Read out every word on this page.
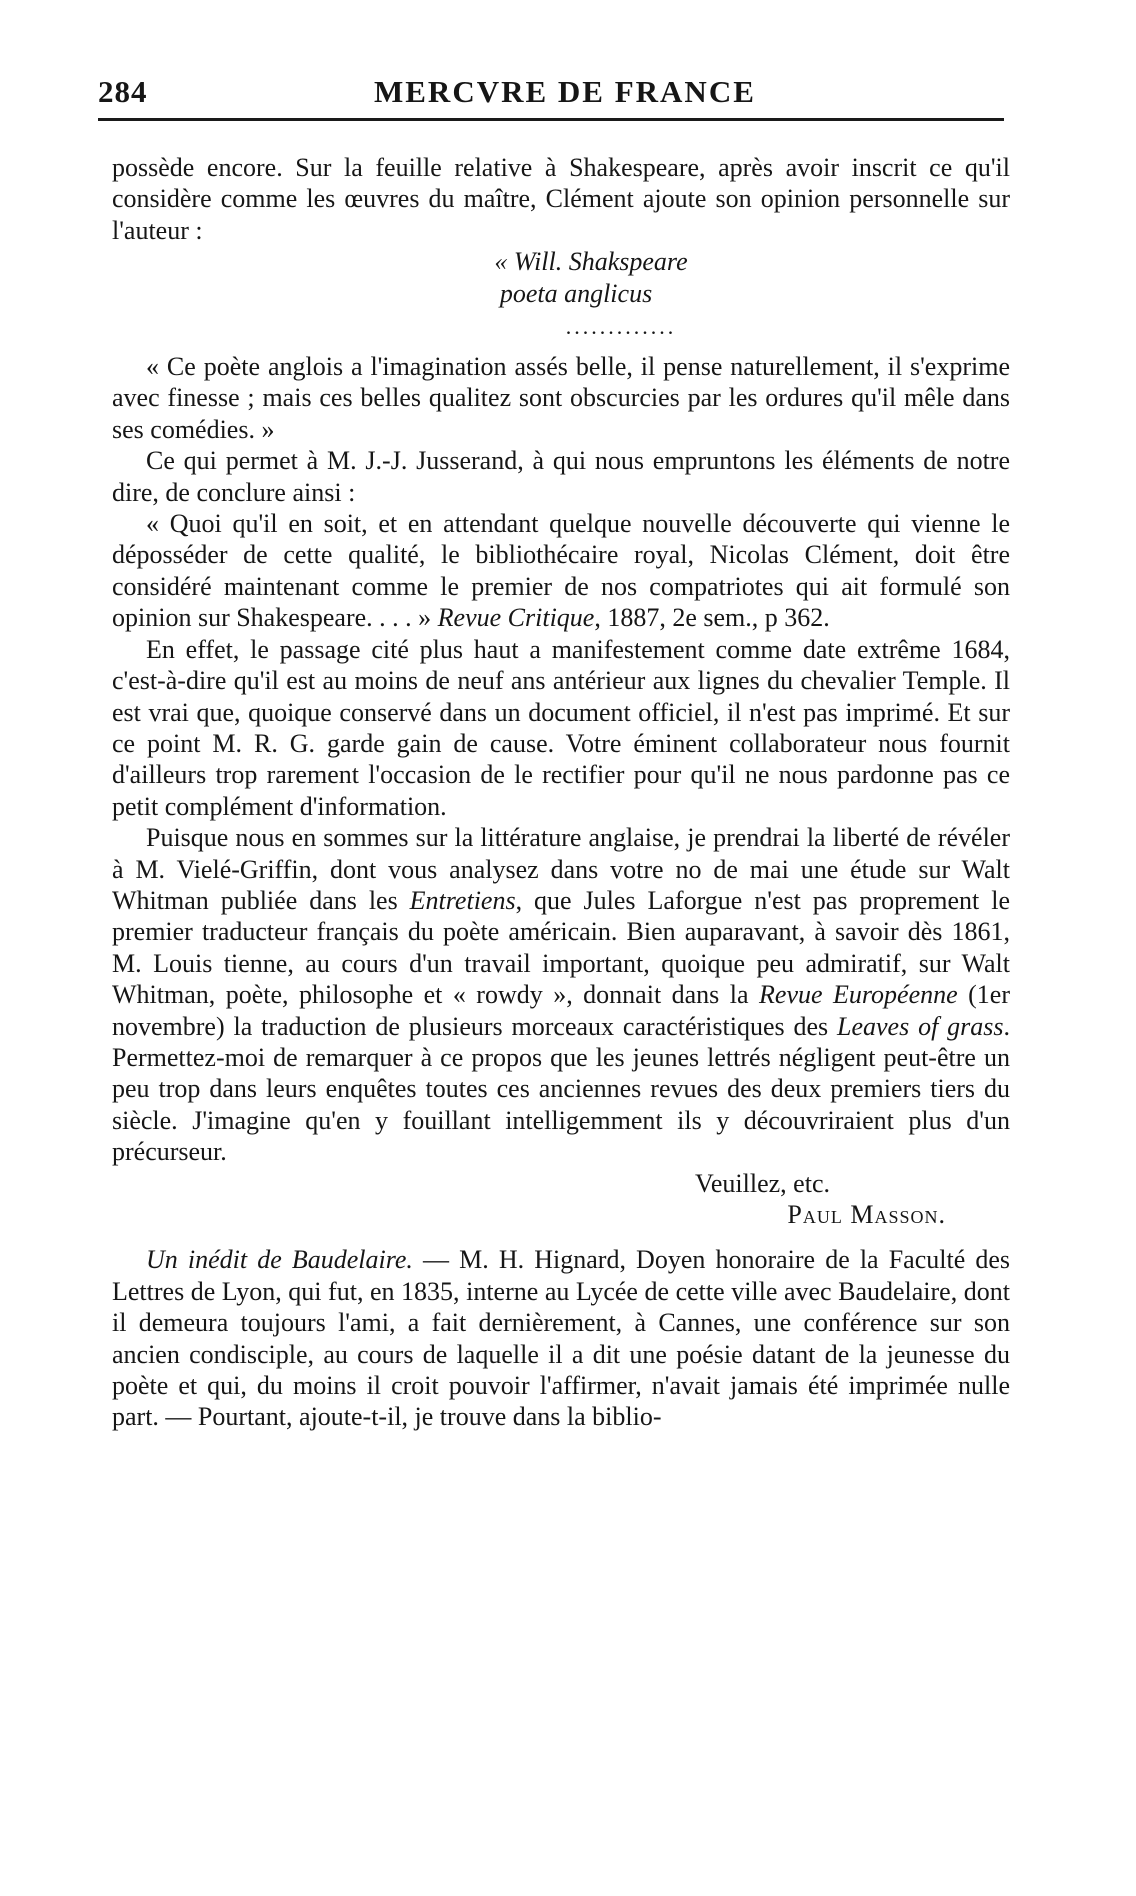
284	MERCVRE DE FRANCE

possède encore. Sur la feuille relative à Shakespeare, après avoir inscrit ce qu'il considère comme les œuvres du maître, Clément ajoute son opinion personnelle sur l'auteur :

« Will. Shakspeare
poeta anglicus
.............

« Ce poète anglois a l'imagination assés belle, il pense naturellement, il s'exprime avec finesse ; mais ces belles qualitez sont obscurcies par les ordures qu'il mêle dans ses comédies. »

Ce qui permet à M. J.-J. Jusserand, à qui nous empruntons les éléments de notre dire, de conclure ainsi :

« Quoi qu'il en soit, et en attendant quelque nouvelle découverte qui vienne le déposséder de cette qualité, le bibliothécaire royal, Nicolas Clément, doit être considéré maintenant comme le premier de nos compatriotes qui ait formulé son opinion sur Shakespeare. . . . » Revue Critique, 1887, 2e sem., p 362.

En effet, le passage cité plus haut a manifestement comme date extrême 1684, c'est-à-dire qu'il est au moins de neuf ans antérieur aux lignes du chevalier Temple. Il est vrai que, quoique conservé dans un document officiel, il n'est pas imprimé. Et sur ce point M. R. G. garde gain de cause. Votre éminent collaborateur nous fournit d'ailleurs trop rarement l'occasion de le rectifier pour qu'il ne nous pardonne pas ce petit complément d'information.

Puisque nous en sommes sur la littérature anglaise, je prendrai la liberté de révéler à M. Vielé-Griffin, dont vous analysez dans votre no de mai une étude sur Walt Whitman publiée dans les Entretiens, que Jules Laforgue n'est pas proprement le premier traducteur français du poète américain. Bien auparavant, à savoir dès 1861, M. Louis tienne, au cours d'un travail important, quoique peu admiratif, sur Walt Whitman, poète, philosophe et « rowdy », donnait dans la Revue Européenne (1er novembre) la traduction de plusieurs morceaux caractéristiques des Leaves of grass. Permettez-moi de remarquer à ce propos que les jeunes lettrés négligent peut-être un peu trop dans leurs enquêtes toutes ces anciennes revues des deux premiers tiers du siècle. J'imagine qu'en y fouillant intelligemment ils y découvriraient plus d'un précurseur.

Veuillez, etc.
Paul Masson.

Un inédit de Baudelaire. — M. H. Hignard, Doyen honoraire de la Faculté des Lettres de Lyon, qui fut, en 1835, interne au Lycée de cette ville avec Baudelaire, dont il demeura toujours l'ami, a fait dernièrement, à Cannes, une conférence sur son ancien condisciple, au cours de laquelle il a dit une poésie datant de la jeunesse du poète et qui, du moins il croit pouvoir l'affirmer, n'avait jamais été imprimée nulle part. — Pourtant, ajoute-t-il, je trouve dans la biblio-
